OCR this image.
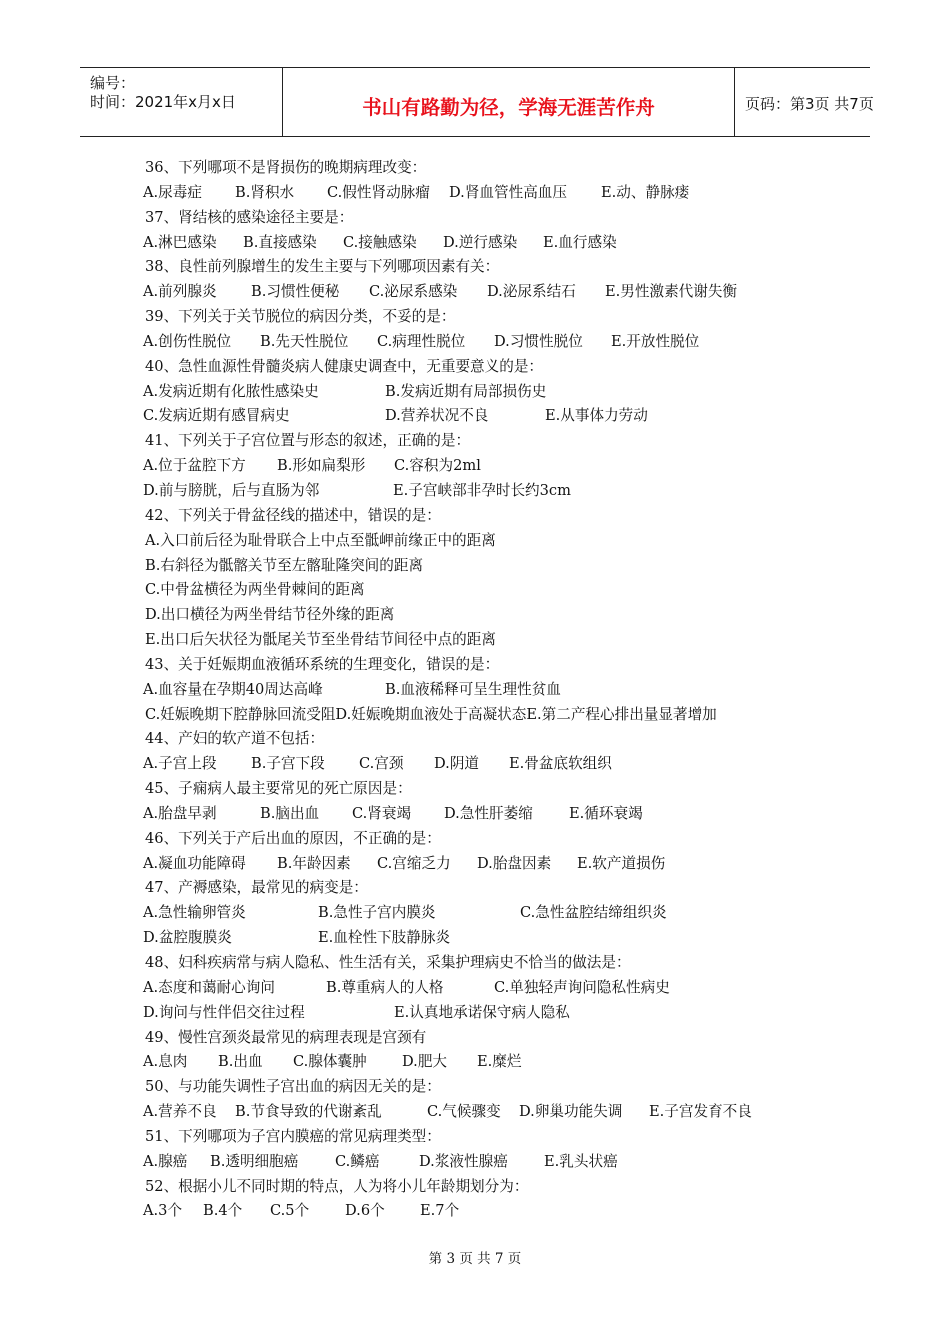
编号：
时间：2021年x月x日	书山有路勤为径，学海无涯苦作舟	页码：第3页 共7页
36、下列哪项不是肾损伤的晚期病理改变：
A.尿毒症 B.肾积水 C.假性肾动脉瘤 D.肾血管性高血压 E.动、静脉瘘
37、肾结核的感染途径主要是：
A.淋巴感染 B.直接感染 C.接触感染 D.逆行感染 E.血行感染
38、良性前列腺增生的发生主要与下列哪项因素有关：
A.前列腺炎 B.习惯性便秘 C.泌尿系感染 D.泌尿系结石 E.男性激素代谢失衡
39、下列关于关节脱位的病因分类，不妥的是：
A.创伤性脱位 B.先天性脱位 C.病理性脱位 D.习惯性脱位 E.开放性脱位
40、急性血源性骨髓炎病人健康史调查中，无重要意义的是：
A.发病近期有化脓性感染史	B.发病近期有局部损伤史
C.发病近期有感冒病史	D.营养状况不良	E.从事体力劳动
41、下列关于子宫位置与形态的叙述，正确的是：
A.位于盆腔下方 B.形如扁梨形 C.容积为2ml
D.前与膀胱，后与直肠为邻	E.子宫峡部非孕时长约3cm
42、下列关于骨盆径线的描述中，错误的是：
A.入口前后径为耻骨联合上中点至骶岬前缘正中的距离
B.右斜径为骶髂关节至左髂耻隆突间的距离
C.中骨盆横径为两坐骨棘间的距离
D.出口横径为两坐骨结节径外缘的距离
E.出口后矢状径为骶尾关节至坐骨结节间径中点的距离
43、关于妊娠期血液循环系统的生理变化，错误的是：
A.血容量在孕期40周达高峰	B.血液稀释可呈生理性贫血
C.妊娠晚期下腔静脉回流受阻D.妊娠晚期血液处于高凝状态E.第二产程心排出量显著增加
44、产妇的软产道不包括：
A.子宫上段 B.子宫下段 C.宫颈 D.阴道 E.骨盆底软组织
45、子痫病人最主要常见的死亡原因是：
A.胎盘早剥	B.脑出血 C.肾衰竭 D.急性肝萎缩 E.循环衰竭
46、下列关于产后出血的原因，不正确的是：
A.凝血功能障碍 B.年龄因素 C.宫缩乏力 D.胎盘因素 E.软产道损伤
47、产褥感染，最常见的病变是：
A.急性输卵管炎	B.急性子宫内膜炎	C.急性盆腔结缔组织炎
D.盆腔腹膜炎	E.血栓性下肢静脉炎
48、妇科疾病常与病人隐私、性生活有关，采集护理病史不恰当的做法是：
A.态度和蔼耐心询问	B.尊重病人的人格	C.单独轻声询问隐私性病史
D.询问与性伴侣交往过程	E.认真地承诺保守病人隐私
49、慢性宫颈炎最常见的病理表现是宫颈有
A.息肉 B.出血 C.腺体囊肿 D.肥大 E.糜烂
50、与功能失调性子宫出血的病因无关的是：
A.营养不良 B.节食导致的代谢紊乱	C.气候骤变 D.卵巢功能失调 E.子宫发育不良
51、下列哪项为子宫内膜癌的常见病理类型：
A.腺癌 B.透明细胞癌	C.鳞癌	D.浆液性腺癌 E.乳头状癌
52、根据小儿不同时期的特点，人为将小儿年龄期划分为：
A.3个 B.4个 C.5个 D.6个 E.7个
第 3 页 共 7 页
